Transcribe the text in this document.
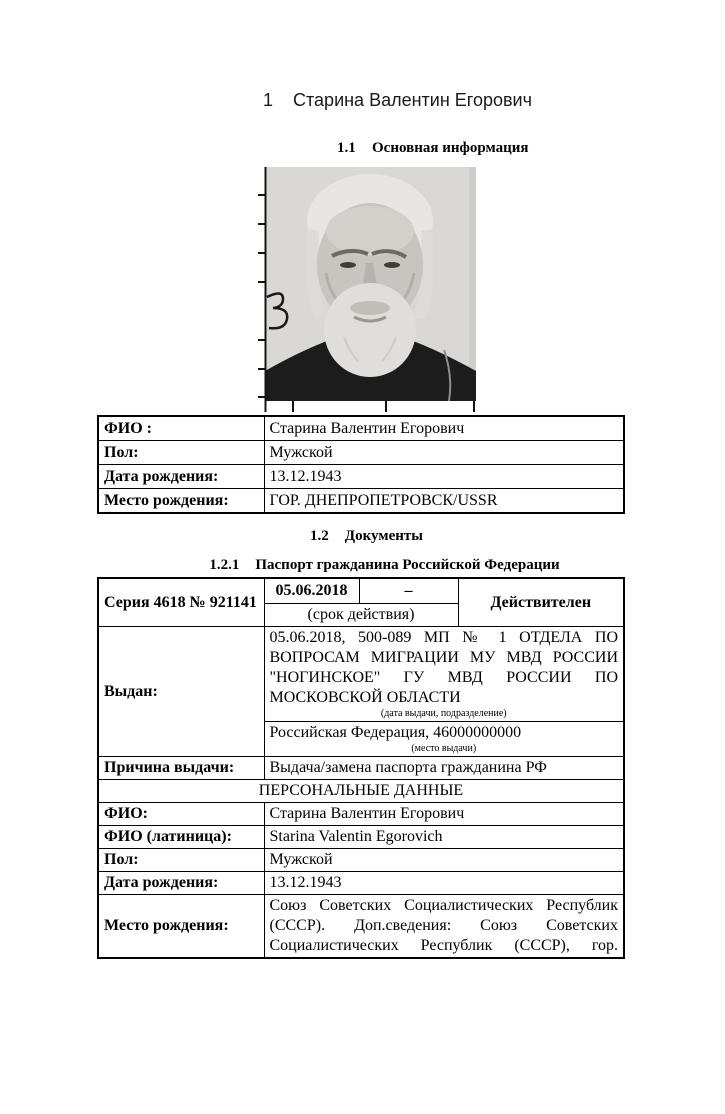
1 Старина Валентин Егорович
1.1 Основная информация
ФИО :	Старина Валентин Егорович
Пол:	Мужской
Дата рождения:	13.12.1943
Место рождения:	ГОР. ДНЕПРОПЕТРОВСК/USSR
1.2 Документы
1.2.1 Паспорт гражданина Российской Федерации
Серия 4618 № 921141	05.06.2018	–	Действителен
	(срок действия)		
Выдан:	05.06.2018, 500-089 МП № 1 ОТДЕЛА ПО ВОПРОСАМ МИГРАЦИИ МУ МВД РОССИИ "НОГИНСКОЕ" ГУ МВД РОССИИ ПО МОСКОВСКОЙ ОБЛАСТИ
(дата выдачи, подразделение)		

	Российская Федерация, 46000000000
(место выдачи)		

Причина выдачи:	Выдача/замена паспорта гражданина РФ		
ПЕРСОНАЛЬНЫЕ ДАННЫЕ			
ФИО:	Старина Валентин Егорович		
ФИО (латиница):	Starina Valentin Egorovich		
Пол:	Мужской		
Дата рождения:	13.12.1943		
Место рождения:	Союз Советских Социалистических Республик (СССР). Доп.сведения: Союз Советских Социалистических Республик (СССР), гор.		
